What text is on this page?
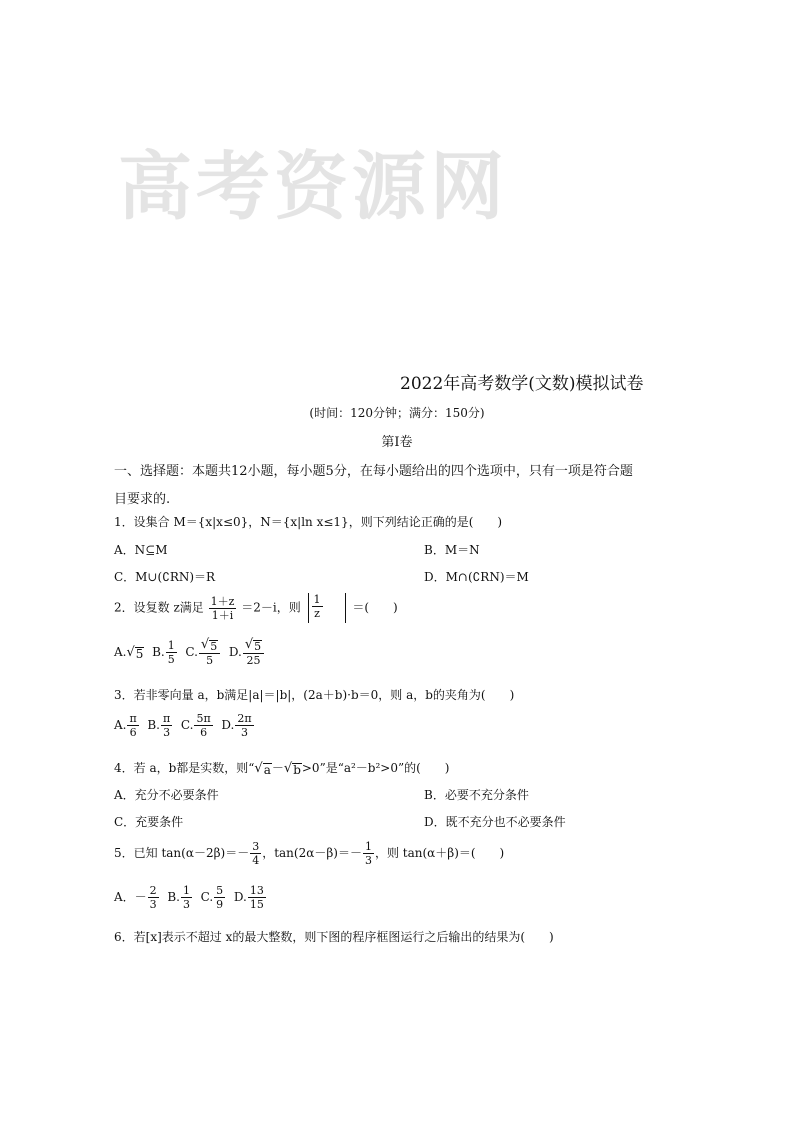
高考资源网
2022年高考数学(文数)模拟试卷
(时间：120分钟；满分：150分)
第Ⅰ卷
一、选择题：本题共12小题，每小题5分，在每小题给出的四个选项中，只有一项是符合题
目要求的.
1．设集合 M＝{x|x≤0}，N＝{x|ln x≤1}，则下列结论正确的是(　　)
A．N⊆M	B．M＝N
C．M∪(∁RN)＝R	D．M∩(∁RN)＝M
2．设复数 z满足 $\frac{1+z}{1+i} =2-i$，则 $\frac{1}{z}$ ＝(　　)
A. √ 5 B. $\frac{1}{5} C$. $\frac{√ 5}{5} D$. $\frac{√ 5}{25}$
3．若非零向量 a，b满足|a|＝|b|，(2a＋b)·b＝0，则 a，b的夹角为(　　)
A. $\frac{\pi}{6} B$. $\frac{\pi}{3} C$. $\frac{5\pi}{6} D$. $\frac{2\pi}{3}$
4．若 a，b都是实数，则“ √ a － √ b >0”是“a²－b²>0”的(　　)
A．充分不必要条件	B．必要不充分条件
C．充要条件	D．既不充分也不必要条件
5．已知 $\tan(\alpha-2\beta)=- \frac{3}{4}$ ，$\tan(2\alpha-\beta)=- \frac{1}{3}$ ，则 tan(α＋β)＝(　　)
A．－ $\frac{2}{3} B$. $\frac{1}{3} C$. $\frac{5}{9} D$. $\frac{13}{15}$
6．若[x]表示不超过 x的最大整数，则下图的程序框图运行之后输出的结果为(　　)
